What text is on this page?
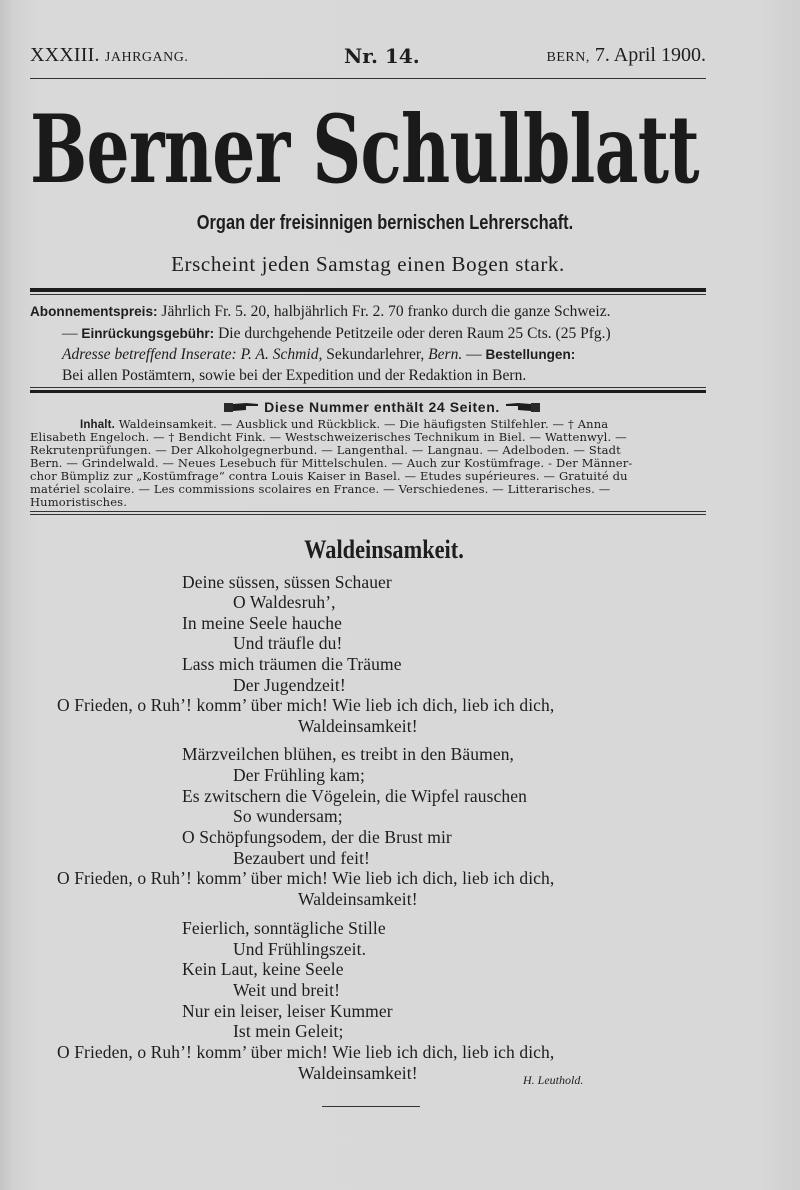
XXXIII. JAHRGANG.	Nr. 14.	BERN, 7. April 1900.
Berner Schulblatt
Organ der freisinnigen bernischen Lehrerschaft.
Erscheint jeden Samstag einen Bogen stark.
Abonnementspreis: Jährlich Fr. 5. 20, halbjährlich Fr. 2. 70 franko durch die ganze Schweiz.
— Einrückungsgebühr: Die durchgehende Petitzeile oder deren Raum 25 Cts. (25 Pfg.)
Adresse betreffend Inserate: P. A. Schmid, Sekundarlehrer, Bern. — Bestellungen:
Bei allen Postämtern, sowie bei der Expedition und der Redaktion in Bern.
Diese Nummer enthält 24 Seiten.
Inhalt. Waldeinsamkeit. — Ausblick und Rückblick. — Die häufigsten Stilfehler. — † Anna
Elisabeth Engeloch. — † Bendicht Fink. — Westschweizerisches Technikum in Biel. — Wattenwyl. —
Rekrutenprüfungen. — Der Alkoholgegnerbund. — Langenthal. — Langnau. — Adelboden. — Stadt
Bern. — Grindelwald. — Neues Lesebuch für Mittelschulen. — Auch zur Kostümfrage. - Der Männer-
chor Bümpliz zur „Kostümfrage“ contra Louis Kaiser in Basel. — Etudes supérieures. — Gratuité du
matériel scolaire. — Les commissions scolaires en France. — Verschiedenes. — Litterarisches. —
Humoristisches.
Waldeinsamkeit.
Deine süssen, süssen Schauer
O Waldesruh’,
In meine Seele hauche
Und träufle du!
Lass mich träumen die Träume
Der Jugendzeit!
O Frieden, o Ruh’! komm’ über mich! Wie lieb ich dich, lieb ich dich,
Waldeinsamkeit!
Märzveilchen blühen, es treibt in den Bäumen,
Der Frühling kam;
Es zwitschern die Vögelein, die Wipfel rauschen
So wundersam;
O Schöpfungsodem, der die Brust mir
Bezaubert und feit!
O Frieden, o Ruh’! komm’ über mich! Wie lieb ich dich, lieb ich dich,
Waldeinsamkeit!
Feierlich, sonntägliche Stille
Und Frühlingszeit.
Kein Laut, keine Seele
Weit und breit!
Nur ein leiser, leiser Kummer
Ist mein Geleit;
O Frieden, o Ruh’! komm’ über mich! Wie lieb ich dich, lieb ich dich,
Waldeinsamkeit!	H. Leuthold.
